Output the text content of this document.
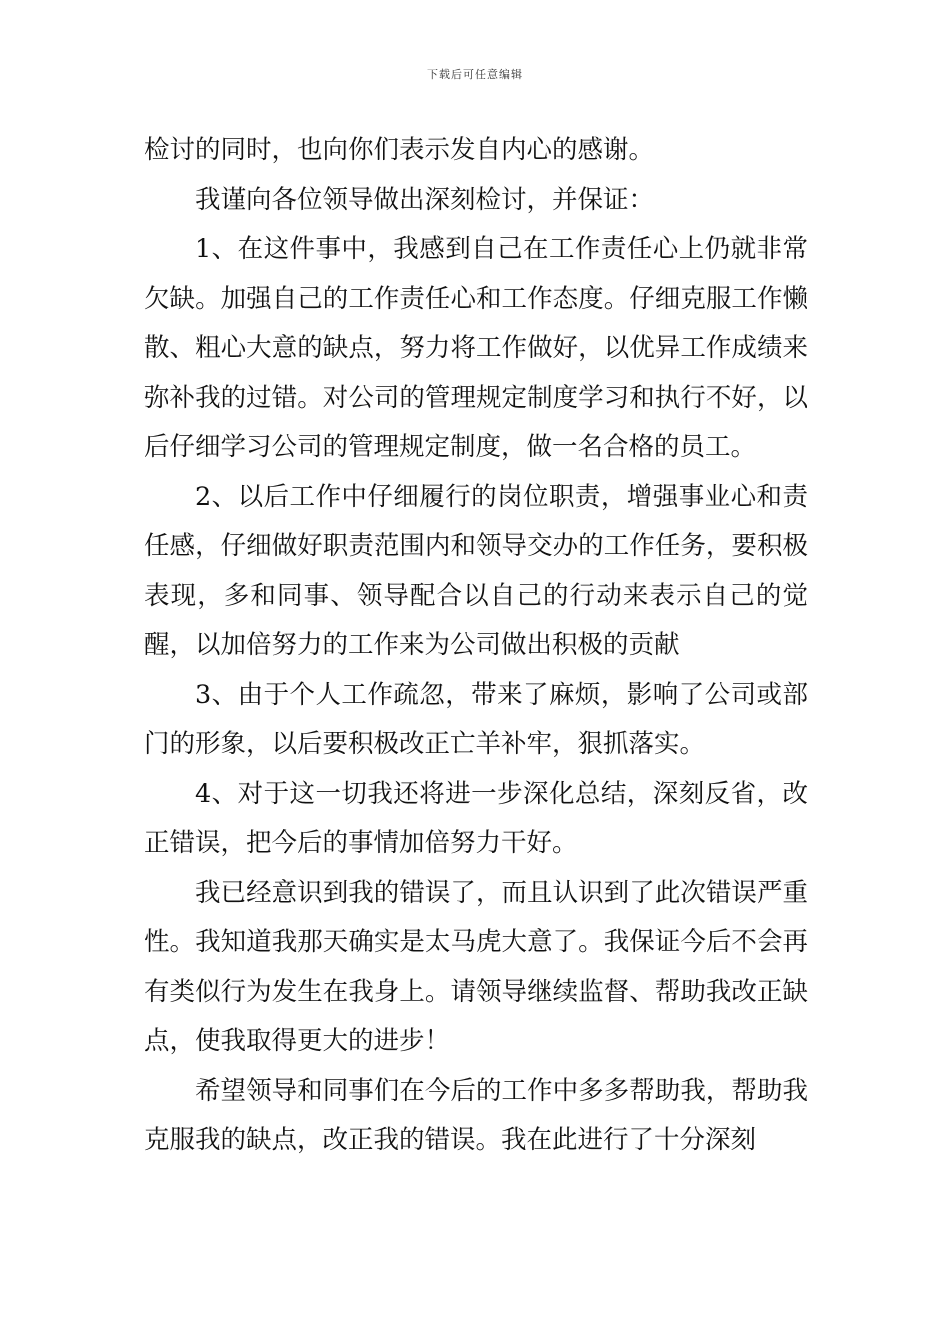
下载后可任意编辑

检讨的同时，也向你们表示发自内心的感谢。

我谨向各位领导做出深刻检讨，并保证：

1、在这件事中，我感到自己在工作责任心上仍就非常欠缺。加强自己的工作责任心和工作态度。仔细克服工作懒散、粗心大意的缺点，努力将工作做好，以优异工作成绩来弥补我的过错。对公司的管理规定制度学习和执行不好，以后仔细学习公司的管理规定制度，做一名合格的员工。

2、以后工作中仔细履行的岗位职责，增强事业心和责任感，仔细做好职责范围内和领导交办的工作任务，要积极表现，多和同事、领导配合以自己的行动来表示自己的觉醒，以加倍努力的工作来为公司做出积极的贡献

3、由于个人工作疏忽，带来了麻烦，影响了公司或部门的形象，以后要积极改正亡羊补牢，狠抓落实。

4、对于这一切我还将进一步深化总结，深刻反省，改正错误，把今后的事情加倍努力干好。

我已经意识到我的错误了，而且认识到了此次错误严重性。我知道我那天确实是太马虎大意了。我保证今后不会再有类似行为发生在我身上。请领导继续监督、帮助我改正缺点，使我取得更大的进步！

希望领导和同事们在今后的工作中多多帮助我，帮助我克服我的缺点，改正我的错误。我在此进行了十分深刻
